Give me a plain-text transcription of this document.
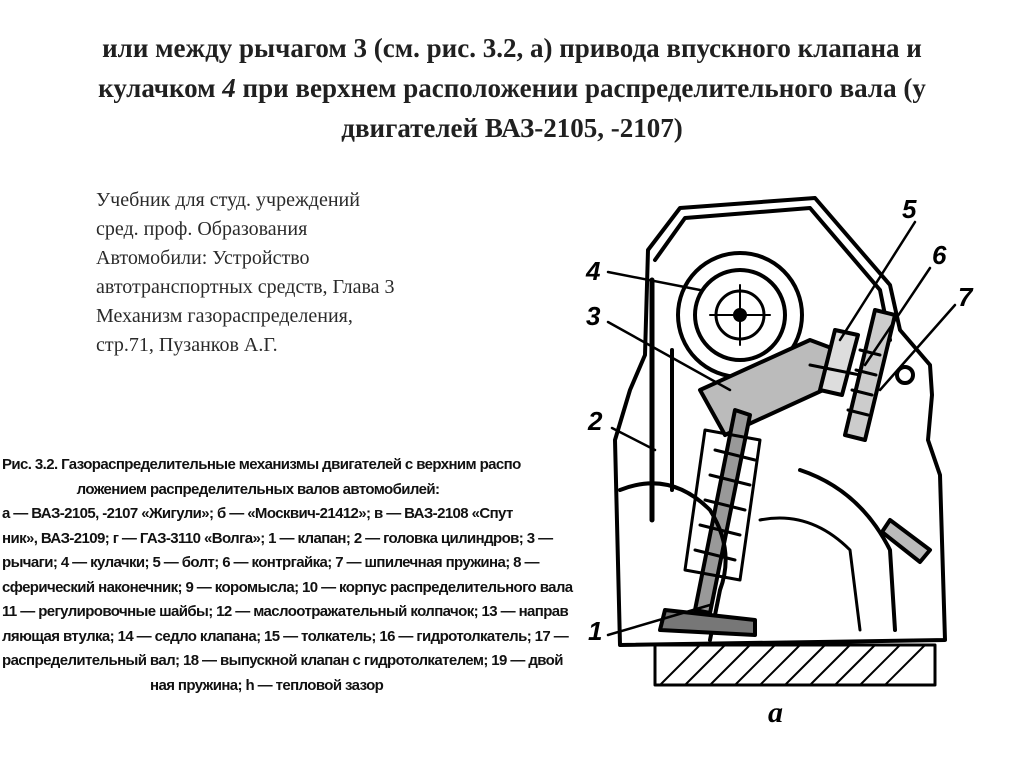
или между рычагом 3 (см. рис. 3.2, а) привода впускного клапана и
кулачком 4 при верхнем расположении распределительного вала (у
двигателей ВАЗ-2105, -2107)
Учебник для студ. учреждений
сред. проф. Образования
Автомобили: Устройство
автотранспортных средств, Глава 3
Механизм газораспределения,
стр.71, Пузанков А.Г.
Рис. 3.2. Газораспределительные механизмы двигателей с верхним распо
ложением распределительных валов автомобилей:
а — ВАЗ-2105, -2107 «Жигули»; б — «Москвич-21412»; в — ВАЗ-2108 «Спут
ник», ВАЗ-2109; г — ГАЗ-3110 «Волга»; 1 — клапан; 2 — головка цилиндров; 3 —
рычаги; 4 — кулачки; 5 — болт; 6 — контргайка; 7 — шпилечная пружина; 8 —
сферический наконечник; 9 — коромысла; 10 — корпус распределительного вала
11 — регулировочные шайбы; 12 — маслоотражательный колпачок; 13 — направ
ляющая втулка; 14 — седло клапана; 15 — толкатель; 16 — гидротолкатель; 17 —
распределительный вал; 18 — выпускной клапан с гидротолкателем; 19 — двой
ная пружина; h — тепловой зазор
5
4
6
3
7
2
1
a
